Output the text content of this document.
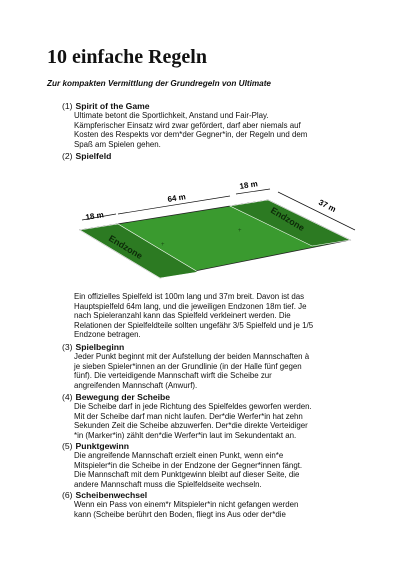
10 einfache Regeln
Zur kompakten Vermittlung der Grundregeln von Ultimate
(1) Spirit of the Game
Ultimate betont die Sportlichkeit, Anstand und Fair-Play.
Kämpferischer Einsatz wird zwar gefördert, darf aber niemals auf
Kosten des Respekts vor dem*der Gegner*in, der Regeln und dem
Spaß am Spielen gehen.
(2) Spielfeld
+
+
64 m
18 m
18 m
37 m
Endzone
Endzone
Ein offizielles Spielfeld ist 100m lang und 37m breit. Davon ist das
Hauptspielfeld 64m lang, und die jeweiligen Endzonen 18m tief. Je
nach Spieleranzahl kann das Spielfeld verkleinert werden. Die
Relationen der Spielfeldteile sollten ungefähr 3/5 Spielfeld und je 1/5
Endzone betragen.
(3) Spielbeginn
Jeder Punkt beginnt mit der Aufstellung der beiden Mannschaften à
je sieben Spieler*innen an der Grundlinie (in der Halle fünf gegen
fünf). Die verteidigende Mannschaft wirft die Scheibe zur
angreifenden Mannschaft (Anwurf).
(4) Bewegung der Scheibe
Die Scheibe darf in jede Richtung des Spielfeldes geworfen werden.
Mit der Scheibe darf man nicht laufen. Der*die Werfer*in hat zehn
Sekunden Zeit die Scheibe abzuwerfen. Der*die direkte Verteidiger
*in (Marker*in) zählt den*die Werfer*in laut im Sekundentakt an.
(5) Punktgewinn
Die angreifende Mannschaft erzielt einen Punkt, wenn ein*e
Mitspieler*in die Scheibe in der Endzone der Gegner*innen fängt.
Die Mannschaft mit dem Punktgewinn bleibt auf dieser Seite, die
andere Mannschaft muss die Spielfeldseite wechseln.
(6) Scheibenwechsel
Wenn ein Pass von einem*r Mitspieler*in nicht gefangen werden
kann (Scheibe berührt den Boden, fliegt ins Aus oder der*die
